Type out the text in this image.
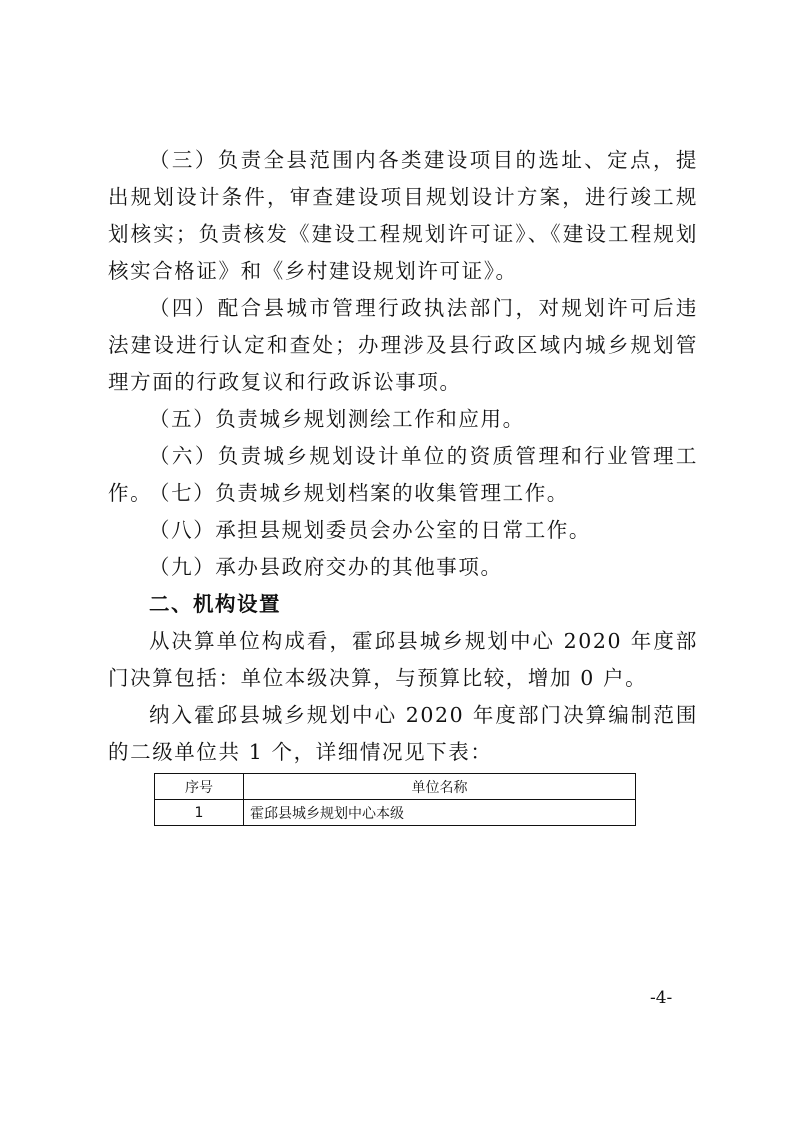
（三）负责全县范围内各类建设项目的选址、定点，提出规划设计条件，审查建设项目规划设计方案，进行竣工规划核实；负责核发《建设工程规划许可证》、《建设工程规划核实合格证》和《乡村建设规划许可证》。

（四）配合县城市管理行政执法部门，对规划许可后违法建设进行认定和查处；办理涉及县行政区域内城乡规划管理方面的行政复议和行政诉讼事项。

（五）负责城乡规划测绘工作和应用。

（六）负责城乡规划设计单位的资质管理和行业管理工作。

（七）负责城乡规划档案的收集管理工作。

（八）承担县规划委员会办公室的日常工作。

（九）承办县政府交办的其他事项。

二、机构设置

从决算单位构成看，霍邱县城乡规划中心 2020 年度部门决算包括：单位本级决算，与预算比较，增加 0 户。

纳入霍邱县城乡规划中心 2020 年度部门决算编制范围的二级单位共 1 个，详细情况见下表：

序号	单位名称
1	霍邱县城乡规划中心本级
-4-
